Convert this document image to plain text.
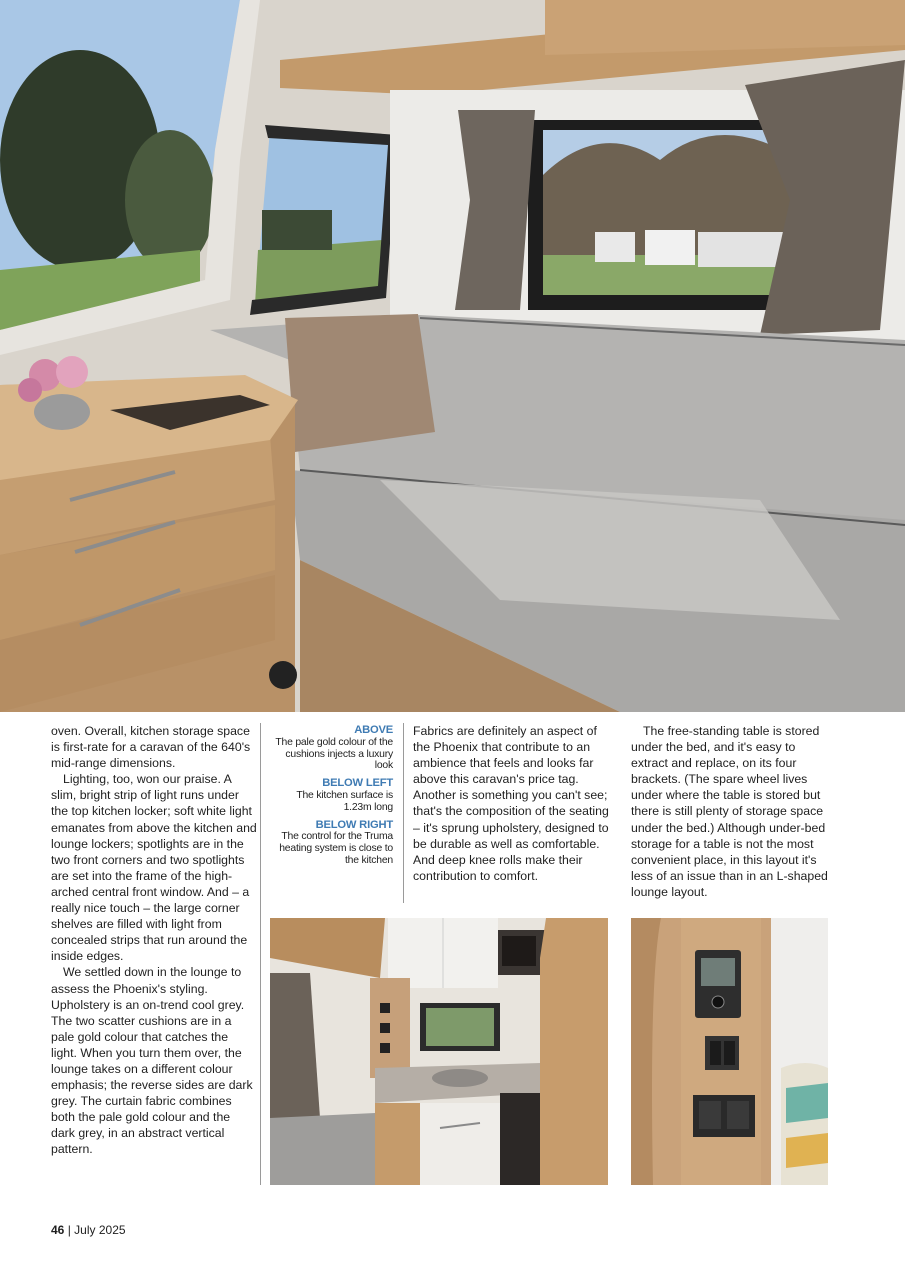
oven. Overall, kitchen storage space is first-rate for a caravan of the 640's mid-range dimensions.

Lighting, too, won our praise. A slim, bright strip of light runs under the top kitchen locker; soft white light emanates from above the kitchen and lounge lockers; spotlights are in the two front corners and two spotlights are set into the frame of the high-arched central front window. And – a really nice touch – the large corner shelves are filled with light from concealed strips that run around the inside edges.

We settled down in the lounge to assess the Phoenix's styling. Upholstery is an on-trend cool grey. The two scatter cushions are in a pale gold colour that catches the light. When you turn them over, the lounge takes on a different colour emphasis; the reverse sides are dark grey. The curtain fabric combines both the pale gold colour and the dark grey, in an abstract vertical pattern.

ABOVE
The pale gold colour of the cushions injects a luxury look
BELOW LEFT
The kitchen surface is 1.23m long
BELOW RIGHT
The control for the Truma heating system is close to the kitchen

Fabrics are definitely an aspect of the Phoenix that contribute to an ambience that feels and looks far above this caravan's price tag. Another is something you can't see; that's the composition of the seating – it's sprung upholstery, designed to be durable as well as comfortable. And deep knee rolls make their contribution to comfort.

The free-standing table is stored under the bed, and it's easy to extract and replace, on its four brackets. (The spare wheel lives under where the table is stored but there is still plenty of storage space under the bed.) Although under-bed storage for a table is not the most convenient place, in this layout it's less of an issue than in an L-shaped lounge layout.

46 | July 2025
